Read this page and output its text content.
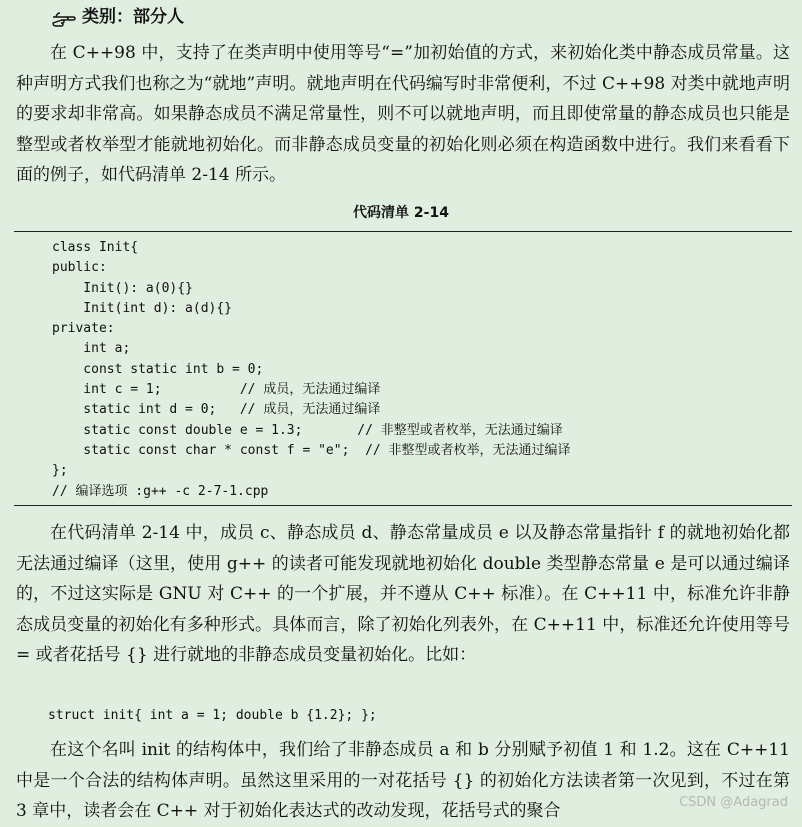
类别：部分人

在 C++98 中，支持了在类声明中使用等号“=”加初始值的方式，来初始化类中静态成员常量。这种声明方式我们也称之为“就地”声明。就地声明在代码编写时非常便利，不过 C++98 对类中就地声明的要求却非常高。如果静态成员不满足常量性，则不可以就地声明，而且即使常量的静态成员也只能是整型或者枚举型才能就地初始化。而非静态成员变量的初始化则必须在构造函数中进行。我们来看看下面的例子，如代码清单 2-14 所示。

代码清单 2-14
class Init{
public:
Init(): a(0){}
Init(int d): a(d){}
private:
int a;
const static int b = 0;
int c = 1;          // 成员，无法通过编译
static int d = 0;   // 成员，无法通过编译
static const double e = 1.3;       // 非整型或者枚举，无法通过编译
static const char * const f = "e";  // 非整型或者枚举，无法通过编译
};
// 编译选项 :g++ -c 2-7-1.cpp

在代码清单 2-14 中，成员 c、静态成员 d、静态常量成员 e 以及静态常量指针 f 的就地初始化都无法通过编译（这里，使用 g++ 的读者可能发现就地初始化 double 类型静态常量 e 是可以通过编译的，不过这实际是 GNU 对 C++ 的一个扩展，并不遵从 C++ 标准）。在 C++11 中，标准允许非静态成员变量的初始化有多种形式。具体而言，除了初始化列表外，在 C++11 中，标准还允许使用等号 = 或者花括号 {} 进行就地的非静态成员变量初始化。比如：

struct init{ int a = 1; double b {1.2}; };

在这个名叫 init 的结构体中，我们给了非静态成员 a 和 b 分别赋予初值 1 和 1.2。这在 C++11 中是一个合法的结构体声明。虽然这里采用的一对花括号 {} 的初始化方法读者第一次见到，不过在第 3 章中，读者会在 C++ 对于初始化表达式的改动发现，花括号式的聚合	CSDN @Adagrad
